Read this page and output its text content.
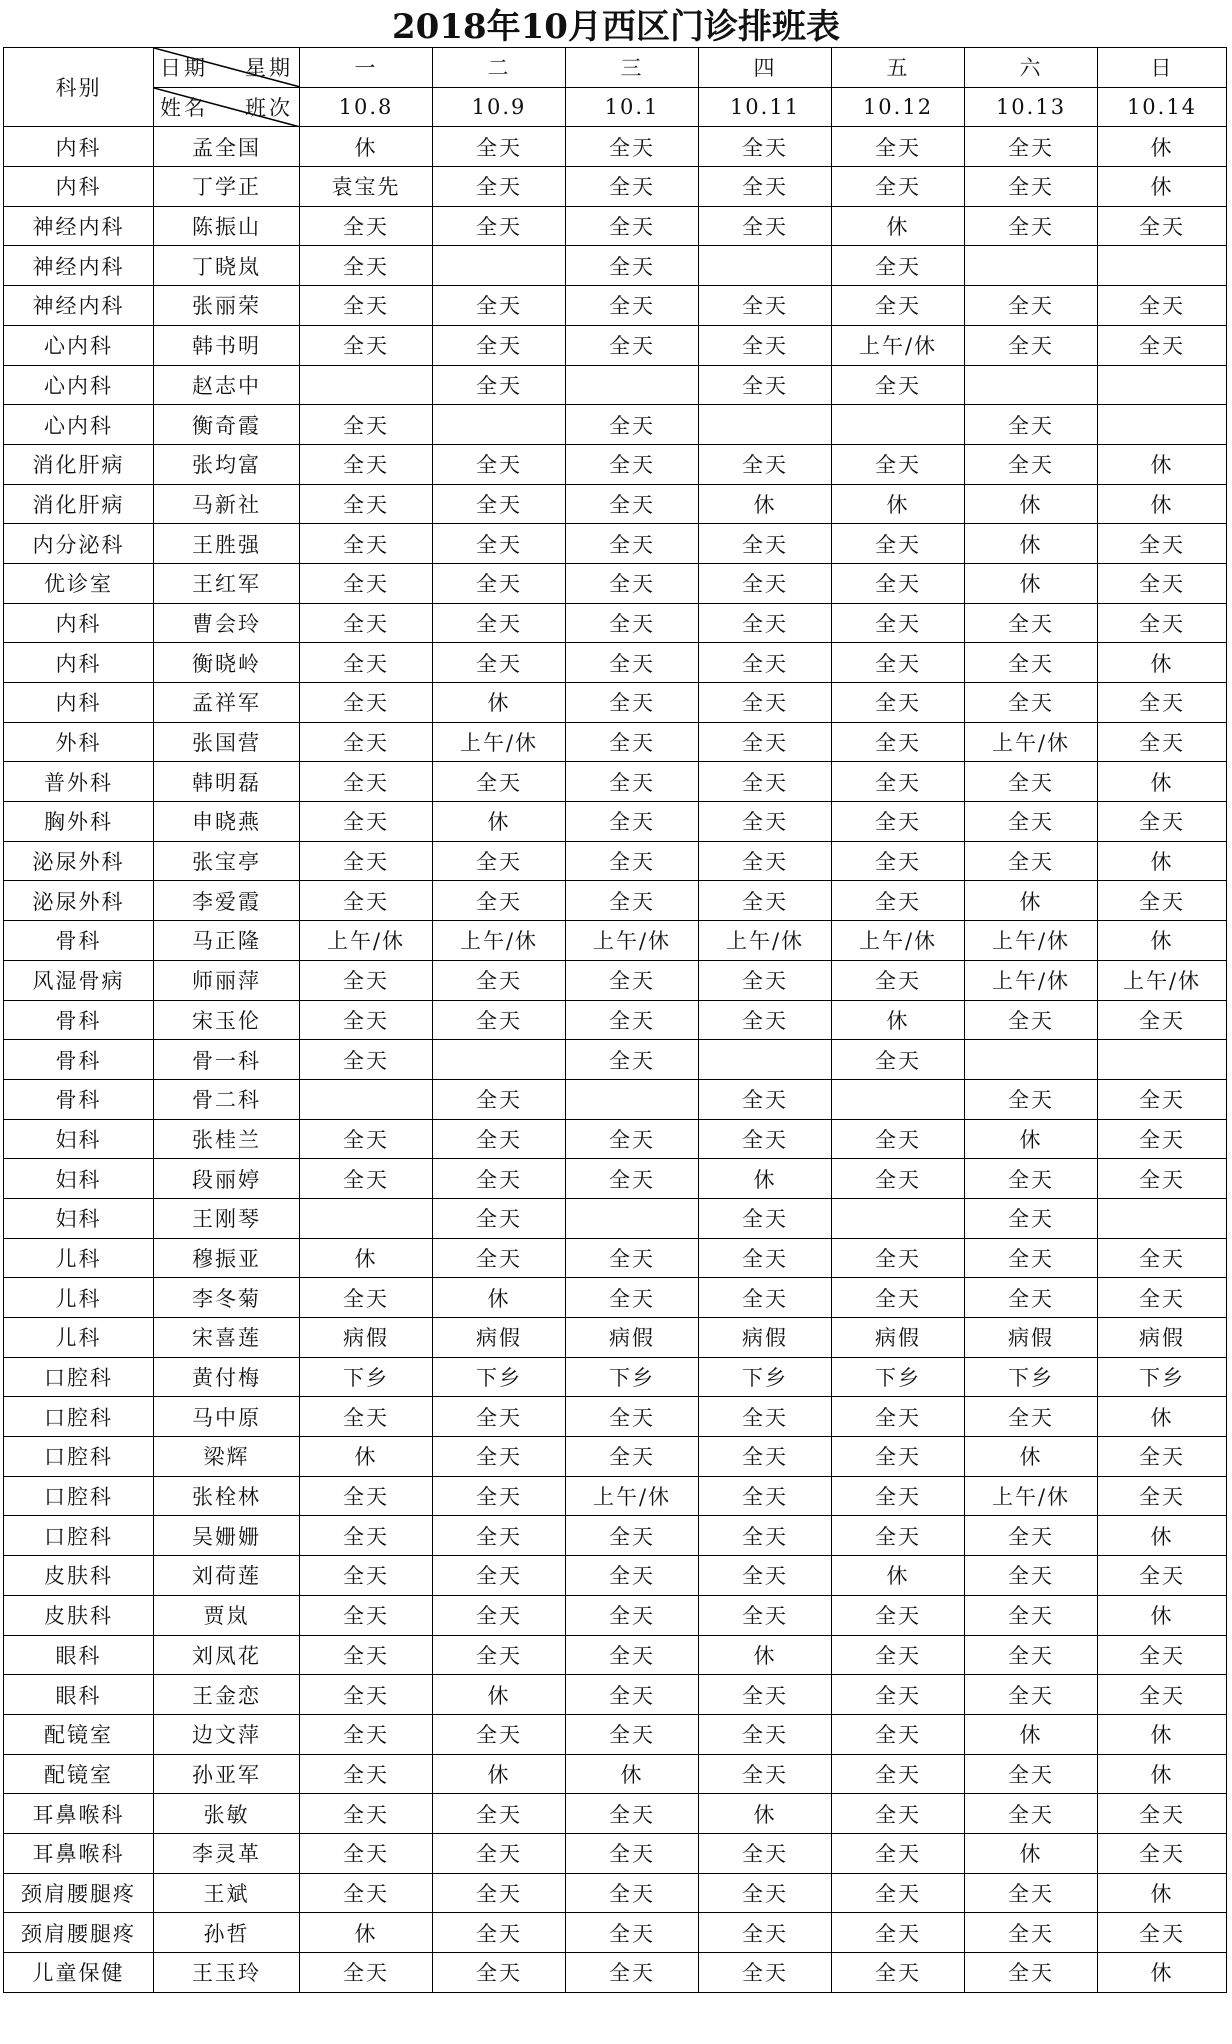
2018年10月西区门诊排班表
科别	日期 星期	一	二	三	四	五	六	日

	姓名 班次	10.8	10.9	10.1	10.11	10.12	10.13	10.14
内科	孟全国	休	全天	全天	全天	全天	全天	休
内科	丁学正	袁宝先	全天	全天	全天	全天	全天	休
神经内科	陈振山	全天	全天	全天	全天	休	全天	全天
神经内科	丁晓岚	全天		全天		全天		
神经内科	张丽荣	全天	全天	全天	全天	全天	全天	全天
心内科	韩书明	全天	全天	全天	全天	上午/休	全天	全天
心内科	赵志中		全天		全天	全天		
心内科	衡奇霞	全天		全天			全天	
消化肝病	张均富	全天	全天	全天	全天	全天	全天	休
消化肝病	马新社	全天	全天	全天	休	休	休	休
内分泌科	王胜强	全天	全天	全天	全天	全天	休	全天
优诊室	王红军	全天	全天	全天	全天	全天	休	全天
内科	曹会玲	全天	全天	全天	全天	全天	全天	全天
内科	衡晓岭	全天	全天	全天	全天	全天	全天	休
内科	孟祥军	全天	休	全天	全天	全天	全天	全天
外科	张国营	全天	上午/休	全天	全天	全天	上午/休	全天
普外科	韩明磊	全天	全天	全天	全天	全天	全天	休
胸外科	申晓燕	全天	休	全天	全天	全天	全天	全天
泌尿外科	张宝亭	全天	全天	全天	全天	全天	全天	休
泌尿外科	李爱霞	全天	全天	全天	全天	全天	休	全天
骨科	马正隆	上午/休	上午/休	上午/休	上午/休	上午/休	上午/休	休
风湿骨病	师丽萍	全天	全天	全天	全天	全天	上午/休	上午/休
骨科	宋玉伦	全天	全天	全天	全天	休	全天	全天
骨科	骨一科	全天		全天		全天		
骨科	骨二科		全天		全天		全天	全天
妇科	张桂兰	全天	全天	全天	全天	全天	休	全天
妇科	段丽婷	全天	全天	全天	休	全天	全天	全天
妇科	王刚琴		全天		全天		全天	
儿科	穆振亚	休	全天	全天	全天	全天	全天	全天
儿科	李冬菊	全天	休	全天	全天	全天	全天	全天
儿科	宋喜莲	病假	病假	病假	病假	病假	病假	病假
口腔科	黄付梅	下乡	下乡	下乡	下乡	下乡	下乡	下乡
口腔科	马中原	全天	全天	全天	全天	全天	全天	休
口腔科	梁辉	休	全天	全天	全天	全天	休	全天
口腔科	张栓林	全天	全天	上午/休	全天	全天	上午/休	全天
口腔科	吴姗姗	全天	全天	全天	全天	全天	全天	休
皮肤科	刘荷莲	全天	全天	全天	全天	休	全天	全天
皮肤科	贾岚	全天	全天	全天	全天	全天	全天	休
眼科	刘凤花	全天	全天	全天	休	全天	全天	全天
眼科	王金恋	全天	休	全天	全天	全天	全天	全天
配镜室	边文萍	全天	全天	全天	全天	全天	休	休
配镜室	孙亚军	全天	休	休	全天	全天	全天	休
耳鼻喉科	张敏	全天	全天	全天	休	全天	全天	全天
耳鼻喉科	李灵革	全天	全天	全天	全天	全天	休	全天
颈肩腰腿疼	王斌	全天	全天	全天	全天	全天	全天	休
颈肩腰腿疼	孙哲	休	全天	全天	全天	全天	全天	全天
儿童保健	王玉玲	全天	全天	全天	全天	全天	全天	休
